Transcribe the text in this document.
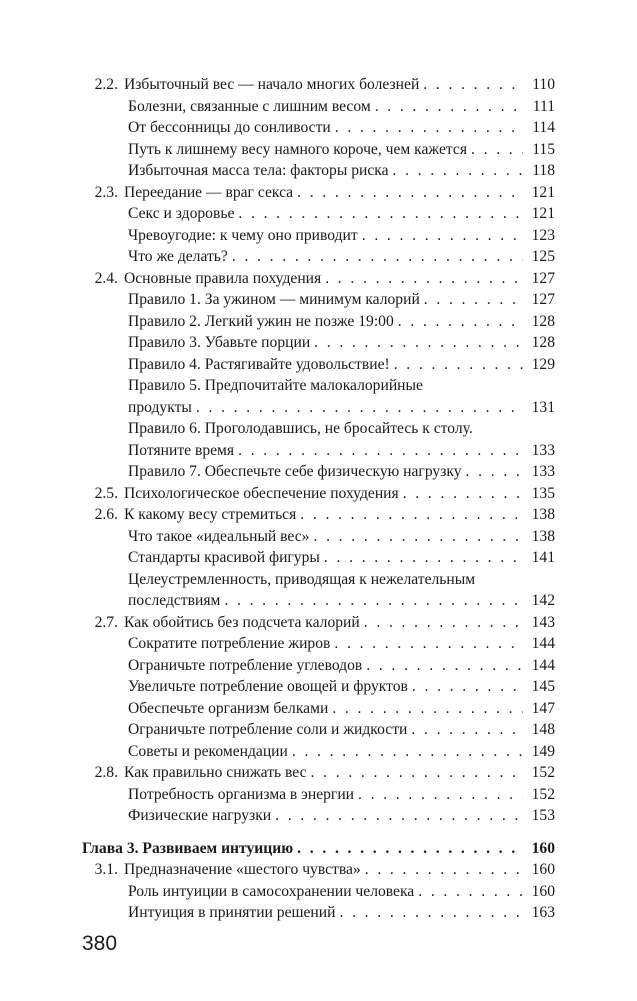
2.2. Избыточный вес — начало многих болезней . . .	110
Болезни, связанные с лишним весом . . .	111
От бессонницы до сонливости . . .	114
Путь к лишнему весу намного короче, чем кажется . . .	115
Избыточная масса тела: факторы риска . . .	118
2.3. Переедание — враг секса . . .	121
Секс и здоровье . . .	121
Чревоугодие: к чему оно приводит . . .	123
Что же делать? . . .	125
2.4. Основные правила похудения . . .	127
Правило 1. За ужином — минимум калорий . . .	127
Правило 2. Легкий ужин не позже 19:00 . . .	128
Правило 3. Убавьте порции . . .	128
Правило 4. Растягивайте удовольствие! . . .	129
Правило 5. Предпочитайте малокалорийные
продукты . . .	131
Правило 6. Проголодавшись, не бросайтесь к столу.
Потяните время . . .	133
Правило 7. Обеспечьте себе физическую нагрузку . . .	133
2.5. Психологическое обеспечение похудения . . .	135
2.6. К какому весу стремиться . . .	138
Что такое «идеальный вес» . . .	138
Стандарты красивой фигуры . . .	141
Целеустремленность, приводящая к нежелательным
последствиям . . .	142
2.7. Как обойтись без подсчета калорий . . .	143
Сократите потребление жиров . . .	144
Ограничьте потребление углеводов . . .	144
Увеличьте потребление овощей и фруктов . . .	145
Обеспечьте организм белками . . .	147
Ограничьте потребление соли и жидкости . . .	148
Советы и рекомендации . . .	149
2.8. Как правильно снижать вес . . .	152
Потребность организма в энергии . . .	152
Физические нагрузки . . .	153
Глава 3. Развиваем интуицию . . .	160
3.1. Предназначение «шестого чувства» . . .	160
Роль интуиции в самосохранении человека . . .	160
Интуиция в принятии решений . . .	163
380
